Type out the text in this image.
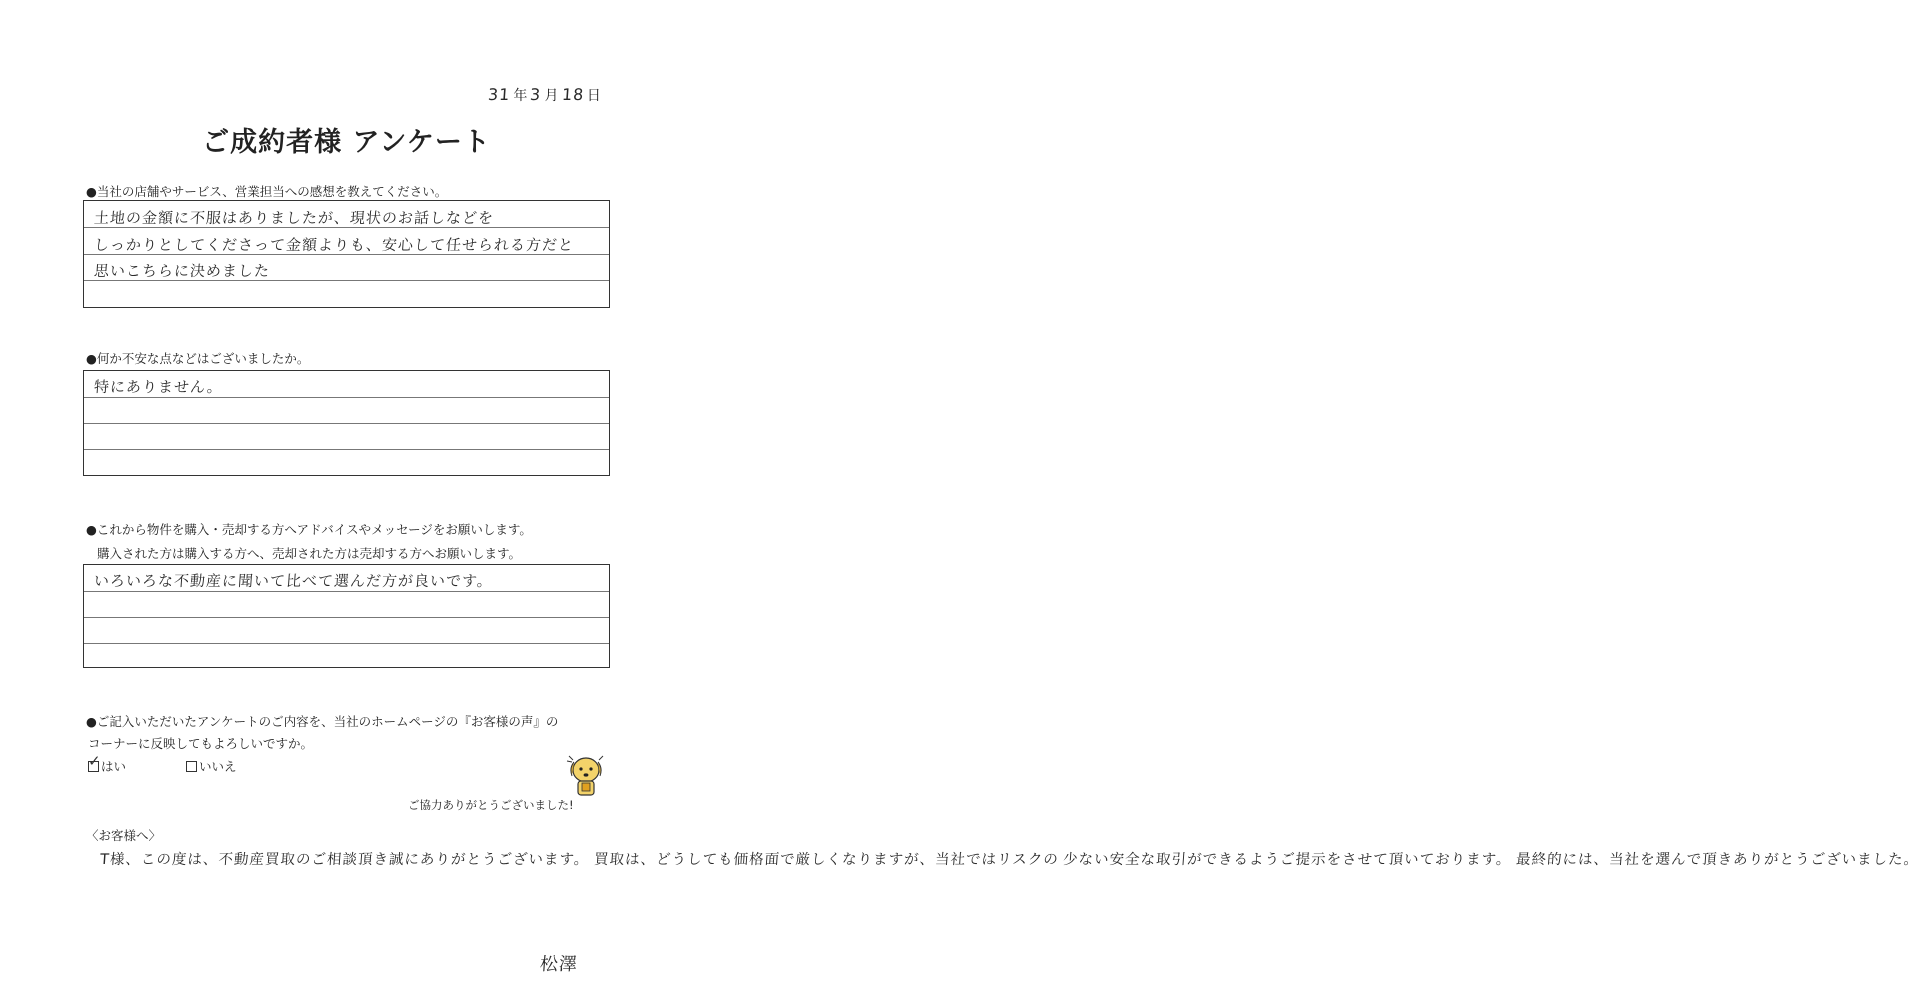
31 年 3 月 18 日
ご成約者様 アンケート
●当社の店舗やサービス、営業担当への感想を教えてください。
土地の金額に不服はありましたが、現状のお話しなどを
しっかりとしてくださって金額よりも、安心して任せられる方だと
思いこちらに決めました
●何か不安な点などはございましたか。
特にありません。
●これから物件を購入・売却する方へアドバイスやメッセージをお願いします。
購入された方は購入する方へ、売却された方は売却する方へお願いします。
いろいろな不動産に聞いて比べて選んだ方が良いです。
●ご記入いただいたアンケートのご内容を、当社のホームページの『お客様の声』の
コーナーに反映してもよろしいですか。
✓ はい	いいえ
ご協力ありがとうございました!
〈お客様へ〉
T様、この度は、不動産買取のご相談頂き誠にありがとうございます。 買取は、どうしても価格面で厳しくなりますが、当社ではリスクの 少ない安全な取引ができるようご提示をさせて頂いております。 最終的には、当社を選んで頂きありがとうございました。
松澤
